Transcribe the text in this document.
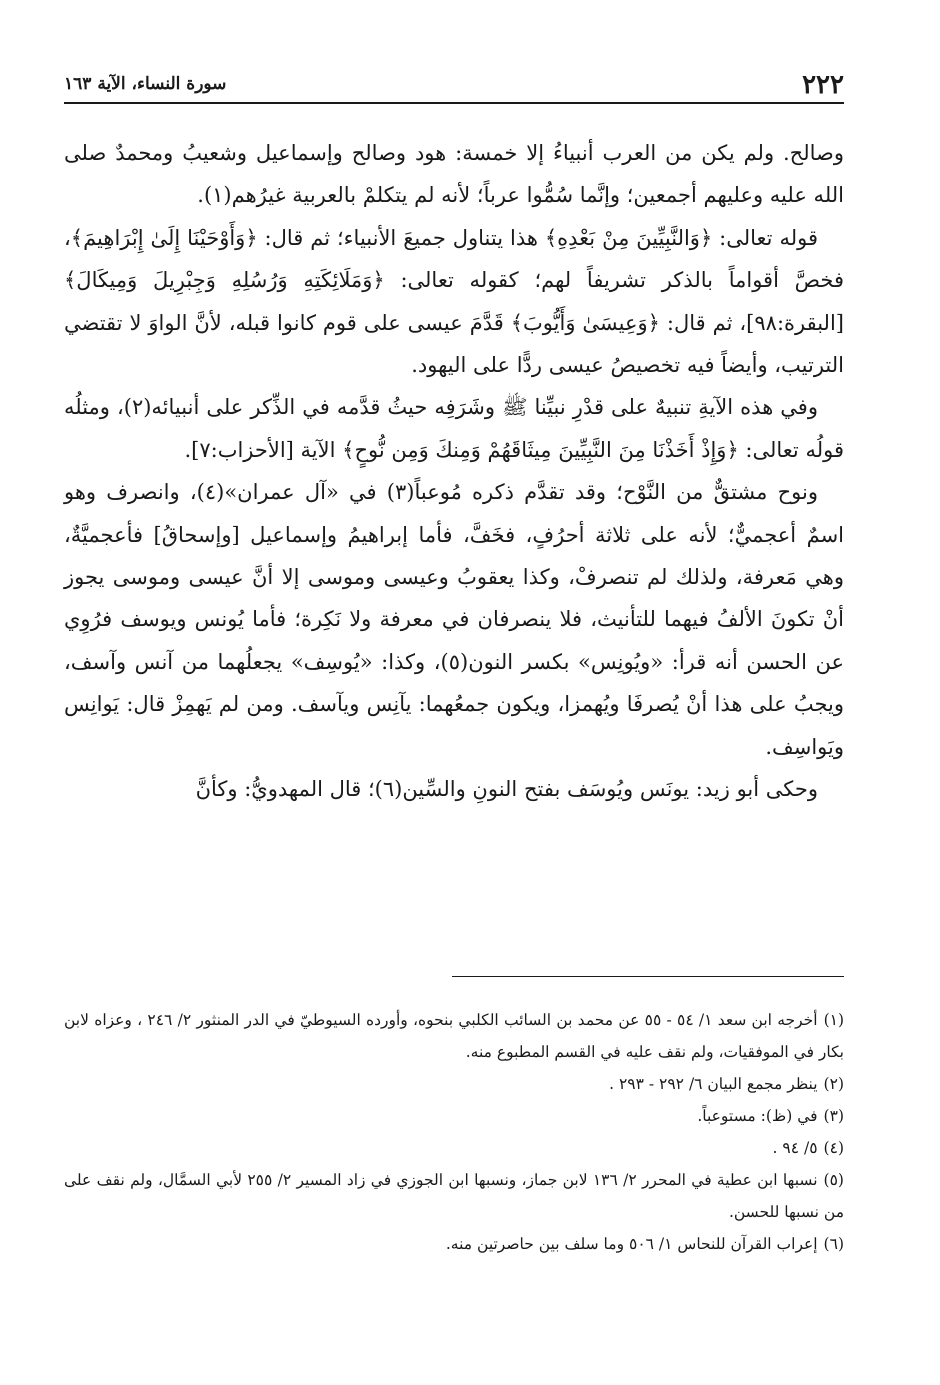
٢٢٢
سورة النساء، الآية ١٦٣

وصالح. ولم يكن من العرب أنبياءُ إلا خمسة: هود وصالح وإسماعيل وشعيبُ ومحمدٌ صلى الله عليه وعليهم أجمعين؛ وإنَّما سُمُّوا عرباً؛ لأنه لم يتكلمْ بالعربية غيرُهم(١).

قوله تعالى: ﴿وَالنَّبِيِّينَ مِنْ بَعْدِهِ﴾ هذا يتناول جميعَ الأنبياء؛ ثم قال: ﴿وَأَوْحَيْنَا إِلَىٰ إِبْرَاهِيمَ﴾، فخصَّ أقواماً بالذكر تشريفاً لهم؛ كقوله تعالى: ﴿وَمَلَائِكَتِهِ وَرُسُلِهِ وَجِبْرِيلَ وَمِيكَالَ﴾ [البقرة:٩٨]، ثم قال: ﴿وَعِيسَىٰ وَأَيُّوبَ﴾ قَدَّمَ عيسى على قوم كانوا قبله، لأنَّ الواوَ لا تقتضي الترتيب، وأيضاً فيه تخصيصُ عيسى ردًّا على اليهود.

وفي هذه الآيةِ تنبيهٌ على قدْرِ نبيِّنا ﷺ وشَرَفِه حيثُ قدَّمه في الذِّكر على أنبيائه(٢)، ومثلُه قولُه تعالى: ﴿وَإِذْ أَخَذْنَا مِنَ النَّبِيِّينَ مِيثَاقَهُمْ وَمِنكَ وَمِن نُّوحٍ﴾ الآية [الأحزاب:٧].

ونوح مشتقٌّ من النَّوْح؛ وقد تقدَّم ذكره مُوعباً(٣) في «آل عمران»(٤)، وانصرف وهو اسمٌ أعجميٌّ؛ لأنه على ثلاثة أحرُفٍ، فخَفَّ، فأما إبراهيمُ وإسماعيل [وإسحاقُ] فأعجميَّةٌ، وهي مَعرفة، ولذلك لم تنصرفْ، وكذا يعقوبُ وعيسى وموسى إلا أنَّ عيسى وموسى يجوز أنْ تكونَ الألفُ فيهما للتأنيث، فلا ينصرفان في معرفة ولا نَكِرة؛ فأما يُونس ويوسف فرُوِي عن الحسن أنه قرأ: «ويُونِس» بكسر النون(٥)، وكذا: «يُوسِف» يجعلُهما من آنس وآسف، ويجبُ على هذا أنْ يُصرفَا ويُهمزا، ويكون جمعُهما: يآنِس ويآسف. ومن لم يَهمِزْ قال: يَوانِس ويَواسِف.

وحكى أبو زيد: يونَس ويُوسَف بفتح النونِ والسِّين(٦)؛ قال المهدويُّ: وكأنَّ

(١)أخرجه ابن سعد ١/ ٥٤ - ٥٥ عن محمد بن السائب الكلبي بنحوه، وأورده السيوطيّ في الدر المنثور ٢/ ٢٤٦ ، وعزاه لابن بكار في الموفقيات، ولم نقف عليه في القسم المطبوع منه.

(٢)ينظر مجمع البيان ٦/ ٢٩٢ - ٢٩٣ .

(٣)في (ظ): مستوعباً.

(٤)٥/ ٩٤ .

(٥)نسبها ابن عطية في المحرر ٢/ ١٣٦ لابن جماز، ونسبها ابن الجوزي في زاد المسير ٢/ ٢٥٥ لأبي السمَّال، ولم نقف على من نسبها للحسن.

(٦)إعراب القرآن للنحاس ١/ ٥٠٦ وما سلف بين حاصرتين منه.
